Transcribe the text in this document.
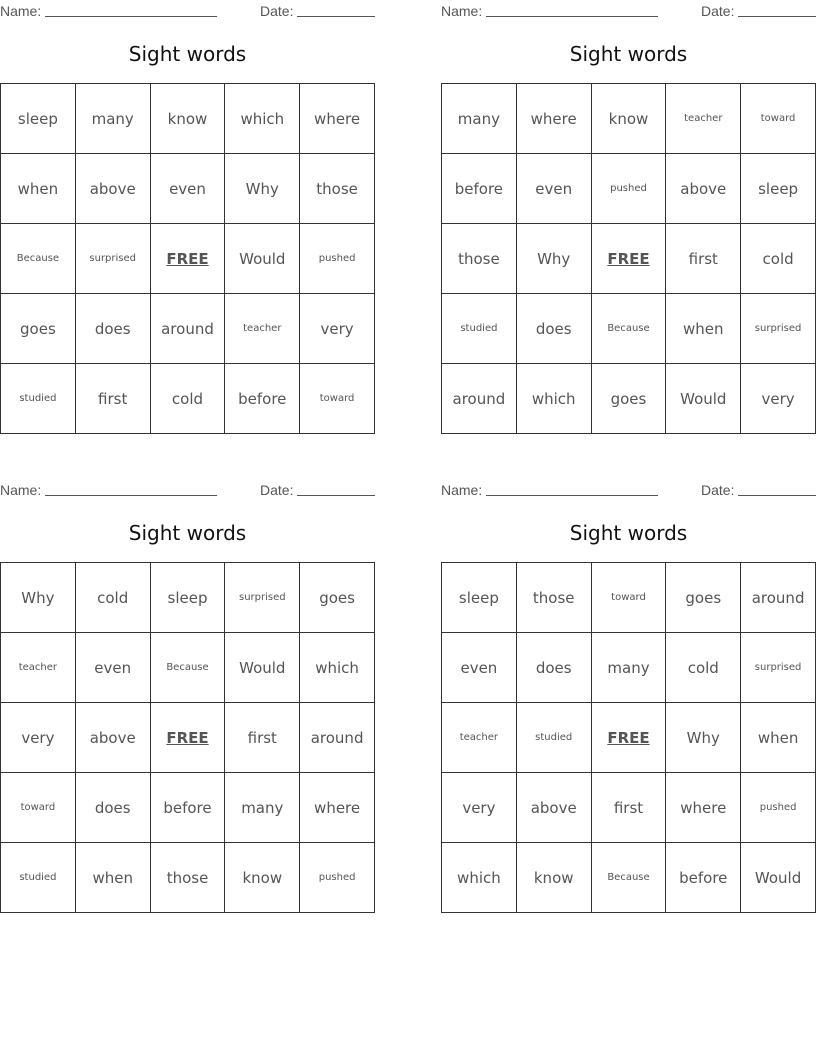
Name:	Date:
Sight words
sleep	many	know	which	where
when	above	even	Why	those
Because	surprised	FREE	Would	pushed
goes	does	around	teacher	very
studied	first	cold	before	toward
Name:	Date:
Sight words
many	where	know	teacher	toward
before	even	pushed	above	sleep
those	Why	FREE	first	cold
studied	does	Because	when	surprised
around	which	goes	Would	very
Name:	Date:
Sight words
Why	cold	sleep	surprised	goes
teacher	even	Because	Would	which
very	above	FREE	first	around
toward	does	before	many	where
studied	when	those	know	pushed
Name:	Date:
Sight words
sleep	those	toward	goes	around
even	does	many	cold	surprised
teacher	studied	FREE	Why	when
very	above	first	where	pushed
which	know	Because	before	Would
